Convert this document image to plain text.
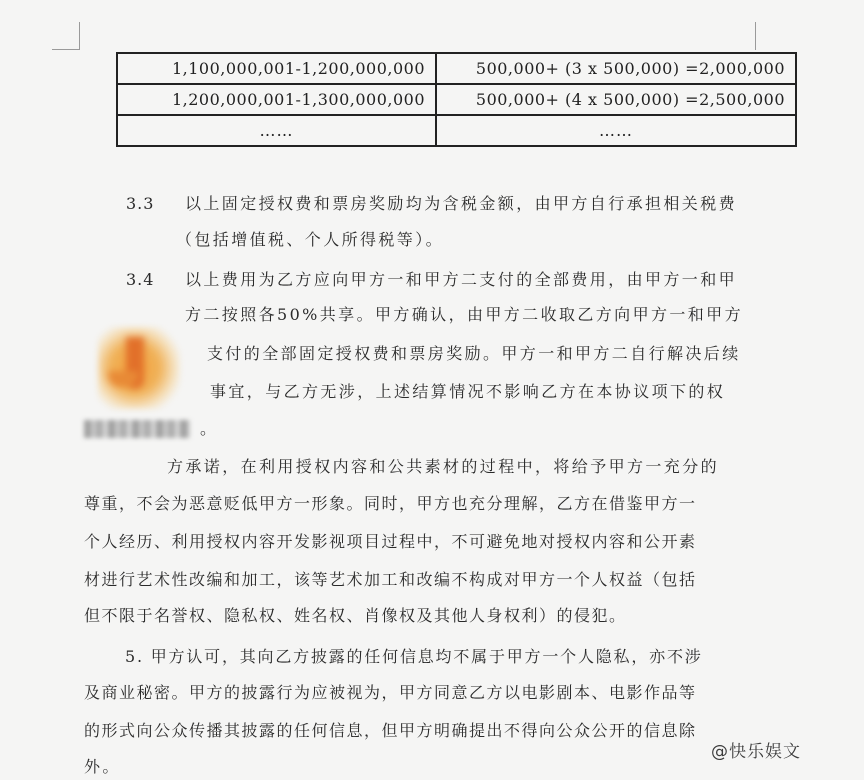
1,100,000,001-1,200,000,000	500,000+ (3 x 500,000) =2,000,000
1,200,000,001-1,300,000,000	500,000+ (4 x 500,000) =2,500,000
……	……
3.3 以上固定授权费和票房奖励均为含税金额，由甲方自行承担相关税费
（包括增值税、个人所得税等）。
3.4 以上费用为乙方应向甲方一和甲方二支付的全部费用，由甲方一和甲
方二按照各50%共享。甲方确认，由甲方二收取乙方向甲方一和甲方
支付的全部固定授权费和票房奖励。甲方一和甲方二自行解决后续
事宜，与乙方无涉，上述结算情况不影响乙方在本协议项下的权
。
方承诺，在利用授权内容和公共素材的过程中，将给予甲方一充分的
尊重，不会为恶意贬低甲方一形象。同时，甲方也充分理解，乙方在借鉴甲方一
个人经历、利用授权内容开发影视项目过程中，不可避免地对授权内容和公开素
材进行艺术性改编和加工，该等艺术加工和改编不构成对甲方一个人权益（包括
但不限于名誉权、隐私权、姓名权、肖像权及其他人身权利）的侵犯。
5. 甲方认可，其向乙方披露的任何信息均不属于甲方一个人隐私，亦不涉
及商业秘密。甲方的披露行为应被视为，甲方同意乙方以电影剧本、电影作品等
的形式向公众传播其披露的任何信息，但甲方明确提出不得向公众公开的信息除
外。
@快乐娱文
